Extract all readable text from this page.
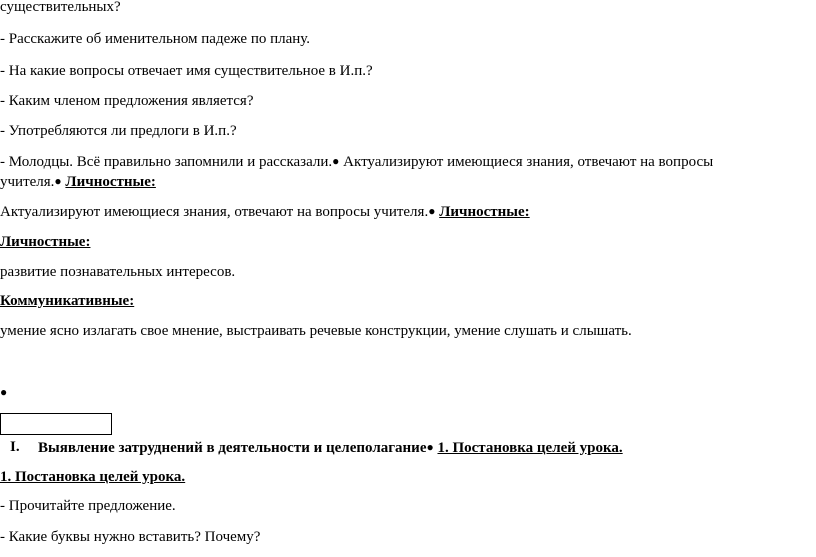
существительных?
- Расскажите об именительном падеже по плану.
- На какие вопросы отвечает имя существительное в И.п.?
- Каким членом предложения является?
- Употребляются ли предлоги в И.п.?
- Молодцы. Всё правильно запомнили и рассказали.● Актуализируют имеющиеся знания, отвечают на вопросы
учителя.● Личностные:
Актуализируют имеющиеся знания, отвечают на вопросы учителя.● Личностные:
Личностные:
развитие познавательных интересов.
Коммуникативные:
умение ясно излагать свое мнение, выстраивать речевые конструкции, умение слушать и слышать.
●
I. Выявление затруднений в деятельности и целеполагание● 1. Постановка целей урока.
1. Постановка целей урока.
- Прочитайте предложение.
- Какие буквы нужно вставить? Почему?
